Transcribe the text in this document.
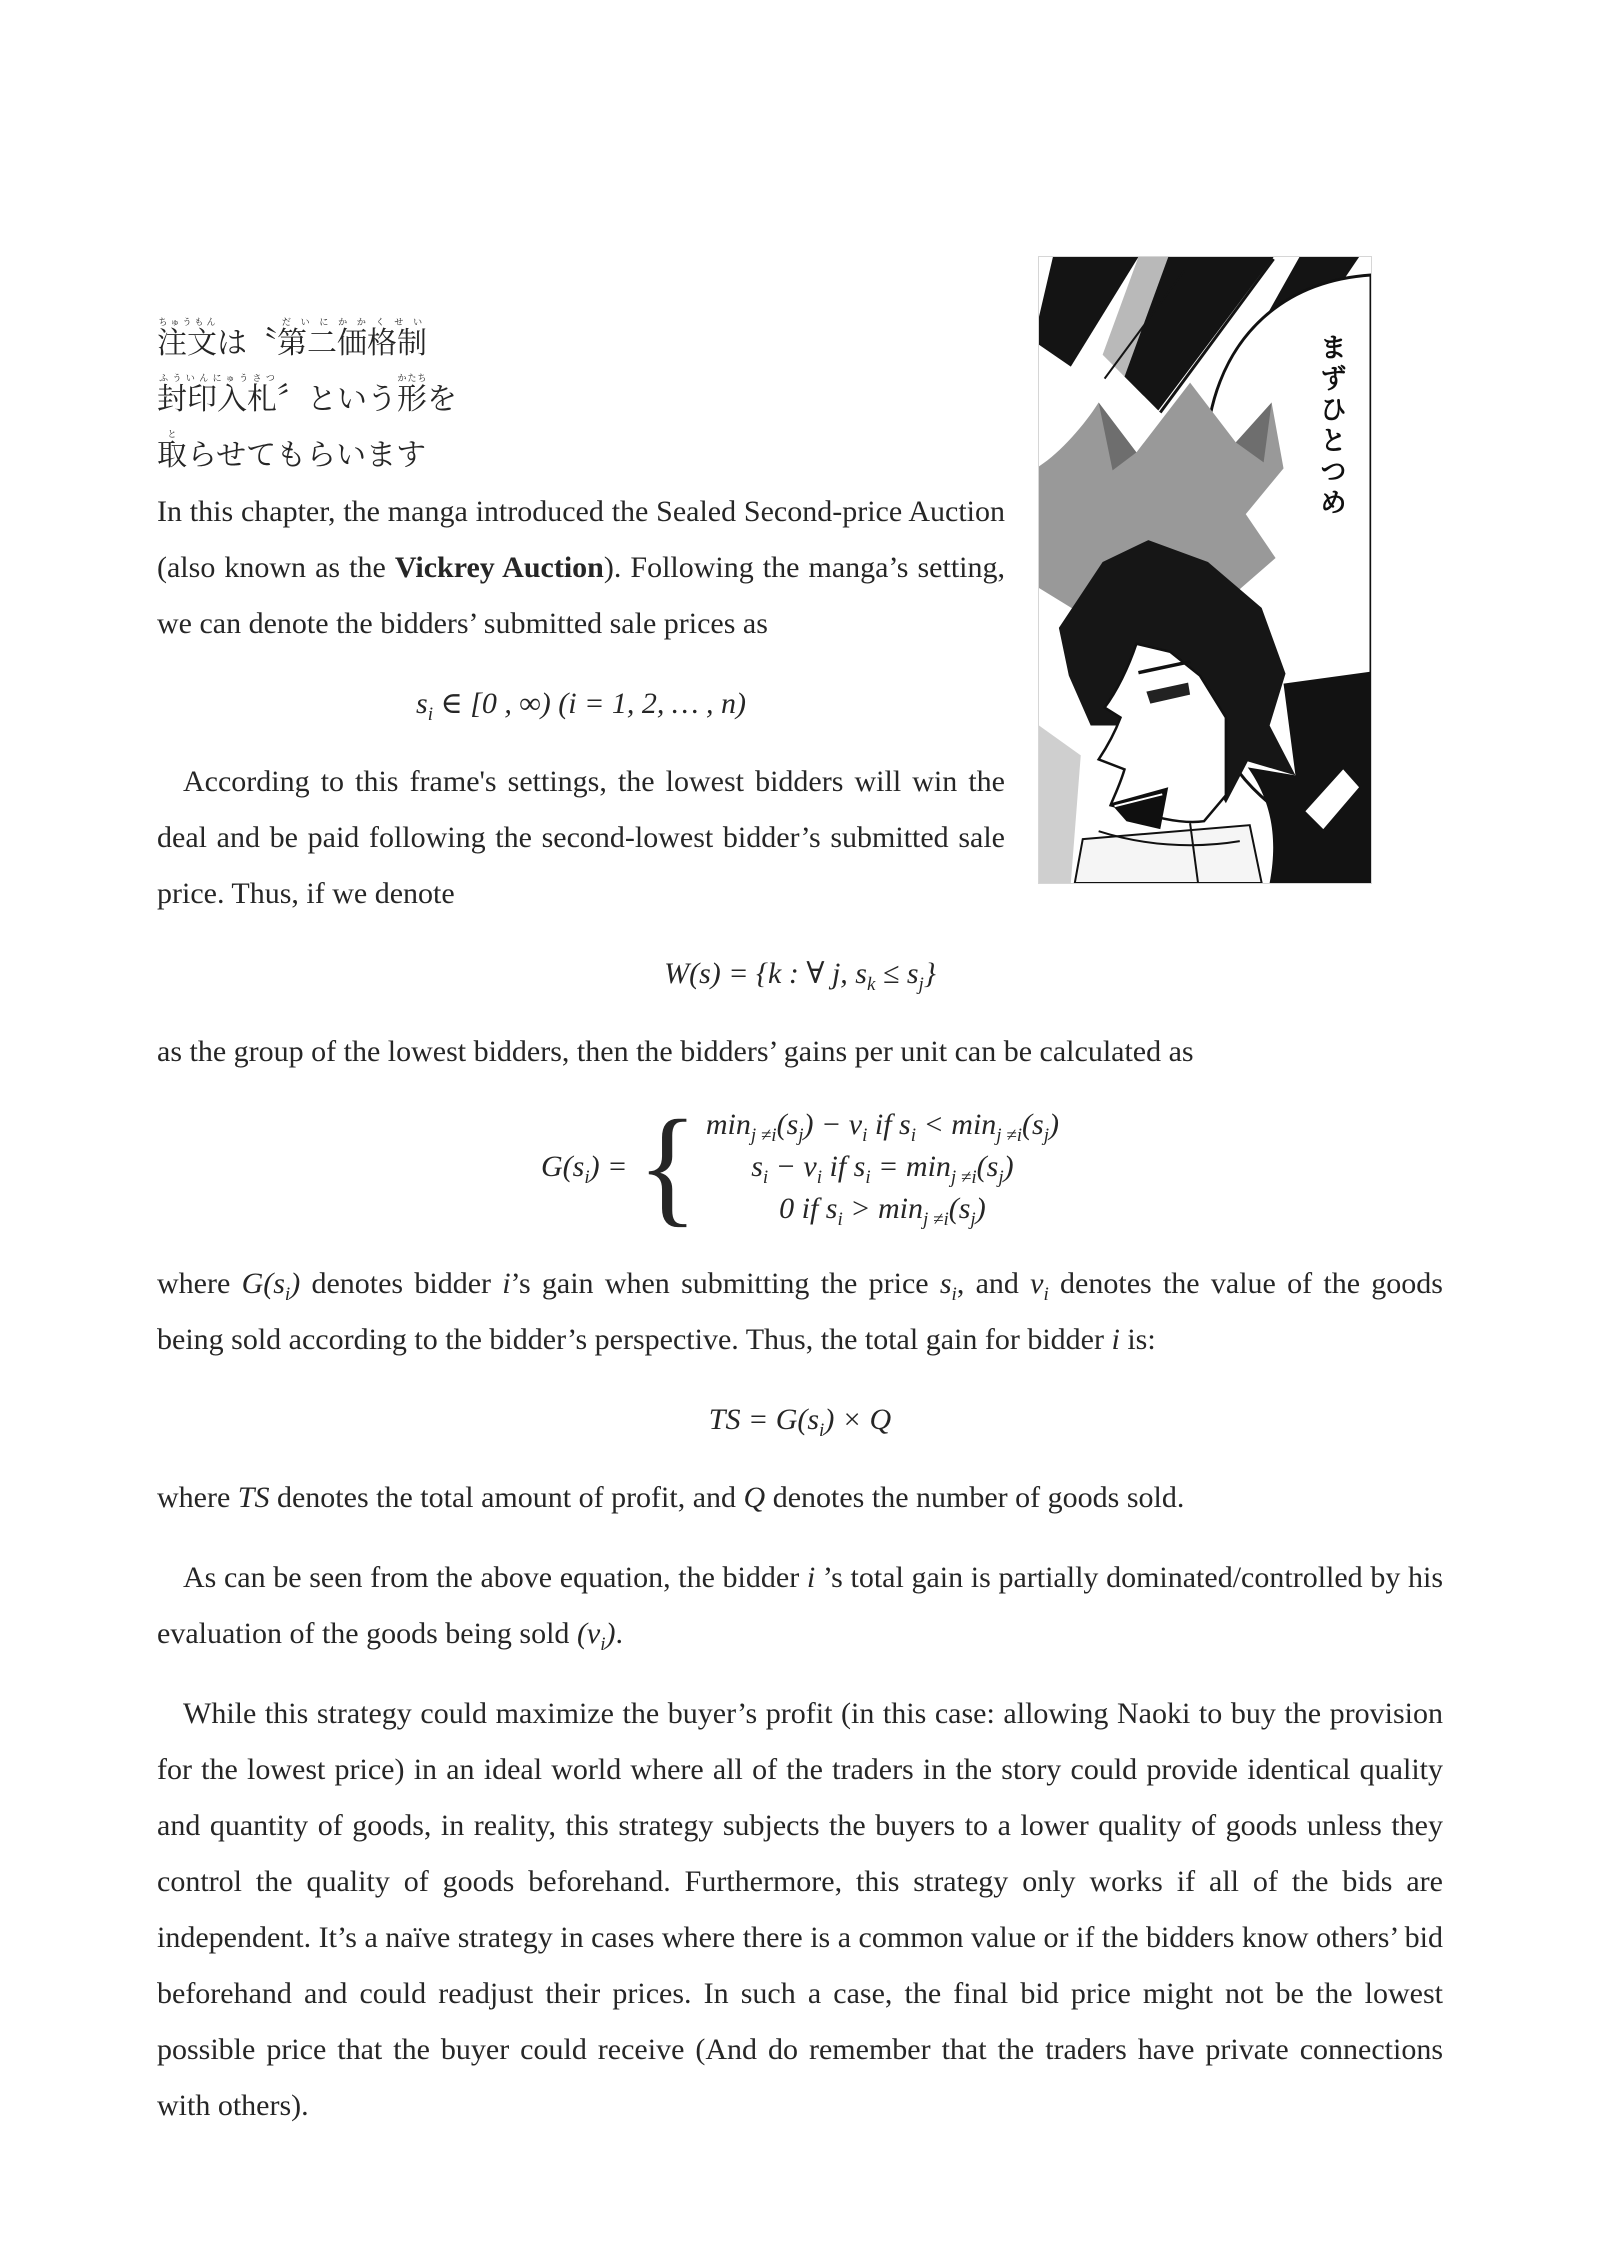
まずひとつめ

注文ちゅうもんは〝第二価格制だいにかかくせい
封印入札ふういんにゅうさつ〞という形かたちを
取とらせてもらいます
In this chapter, the manga introduced the Sealed Second-price Auction (also known as the Vickrey Auction). Following the manga’s setting, we can denote the bidders’ submitted sale prices as

$s_i$ ∈ [0 , ∞) (i = 1, 2, … , n)

According to this frame's settings, the lowest bidders will win the deal and be paid following the second-lowest bidder’s submitted sale price. Thus, if we denote

W(s) = {k : ∀ j, $s_k \le s_j$}

as the group of the lowest bidders, then the bidders’ gains per unit can be calculated as

$G(s_i)$ = { $\min_{j \ne i}(s_j) - v_i$ if $s_i < \min_{j \ne i}(s_j)$
$s_i - v_i$ if $s_i = \min_{j \ne i}(s_j)$
0 if $s_i > \min_{j \ne i}(s_j)$

where $G(s_i)$ denotes bidder i’s gain when submitting the price $s_i$, and $v_i$ denotes the value of the goods being sold according to the bidder’s perspective. Thus, the total gain for bidder i is:

TS = $G(s_i) \times Q$

where TS denotes the total amount of profit, and Q denotes the number of goods sold.

As can be seen from the above equation, the bidder i ’s total gain is partially dominated/controlled by his evaluation of the goods being sold $(v_i)$.

While this strategy could maximize the buyer’s profit (in this case: allowing Naoki to buy the provision for the lowest price) in an ideal world where all of the traders in the story could provide identical quality and quantity of goods, in reality, this strategy subjects the buyers to a lower quality of goods unless they control the quality of goods beforehand. Furthermore, this strategy only works if all of the bids are independent. It’s a naïve strategy in cases where there is a common value or if the bidders know others’ bid beforehand and could readjust their prices. In such a case, the final bid price might not be the lowest possible price that the buyer could receive (And do remember that the traders have private connections with others).
